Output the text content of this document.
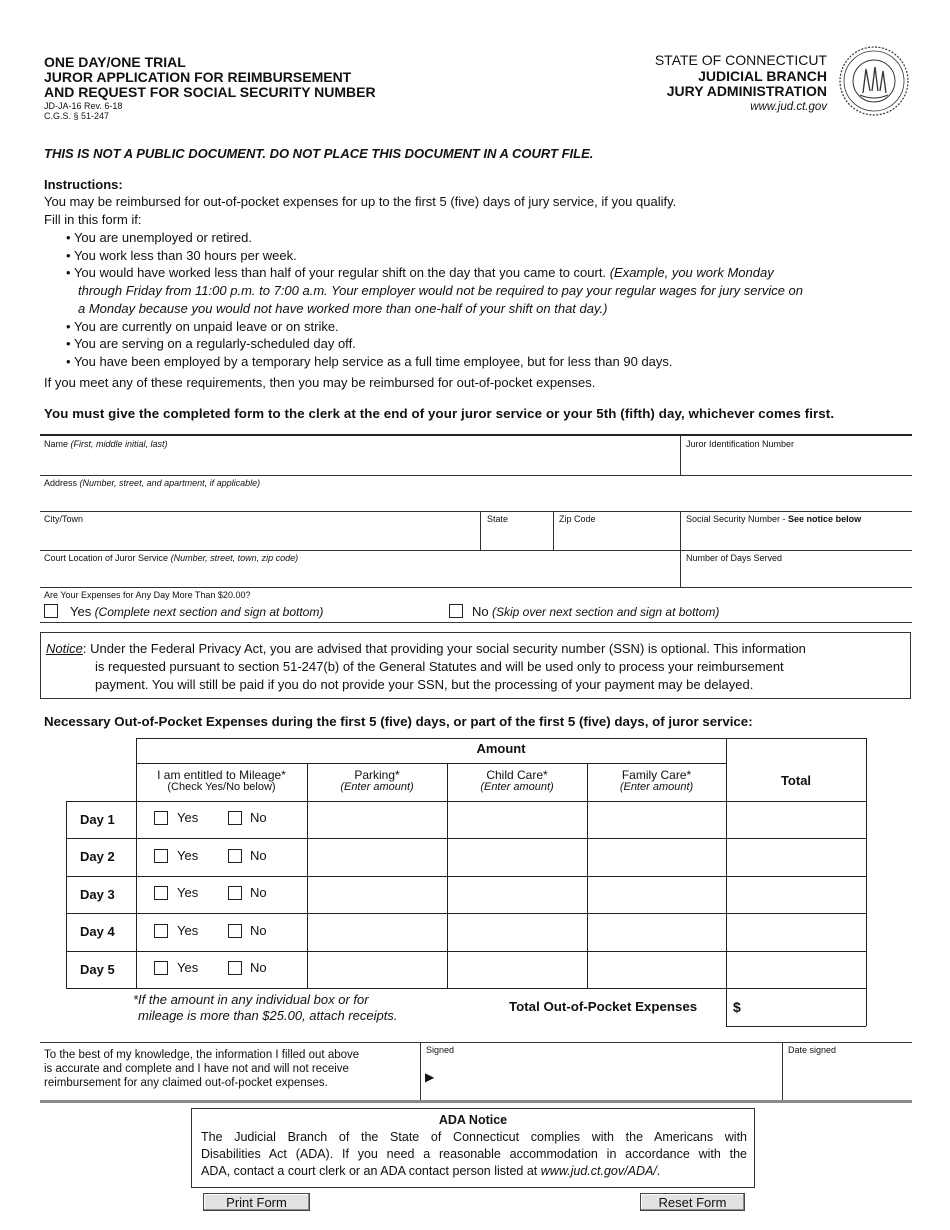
ONE DAY/ONE TRIAL
JUROR APPLICATION FOR REIMBURSEMENT
AND REQUEST FOR SOCIAL SECURITY NUMBER
JD-JA-16 Rev. 6-18
C.G.S. § 51-247
STATE OF CONNECTICUT
JUDICIAL BRANCH
JURY ADMINISTRATION
www.jud.ct.gov
THIS IS NOT A PUBLIC DOCUMENT. DO NOT PLACE THIS DOCUMENT IN A COURT FILE.
Instructions:
You may be reimbursed for out-of-pocket expenses for up to the first 5 (five) days of jury service, if you qualify.
Fill in this form if:
• You are unemployed or retired.
• You work less than 30 hours per week.
• You would have worked less than half of your regular shift on the day that you came to court. (Example, you work Monday
through Friday from 11:00 p.m. to 7:00 a.m. Your employer would not be required to pay your regular wages for jury service on
a Monday because you would not have worked more than one-half of your shift on that day.)
• You are currently on unpaid leave or on strike.
• You are serving on a regularly-scheduled day off.
• You have been employed by a temporary help service as a full time employee, but for less than 90 days.
If you meet any of these requirements, then you may be reimbursed for out-of-pocket expenses.
You must give the completed form to the clerk at the end of your juror service or your 5th (fifth) day, whichever comes first.
Name (First, middle initial, last)	Juror Identification Number
Address (Number, street, and apartment, if applicable)
City/Town	State	Zip Code	Social Security Number - See notice below
Court Location of Juror Service (Number, street, town, zip code)	Number of Days Served
Are Your Expenses for Any Day More Than $20.00?
Yes (Complete next section and sign at bottom)	No (Skip over next section and sign at bottom)
Notice: Under the Federal Privacy Act, you are advised that providing your social security number (SSN) is optional. This information
is requested pursuant to section 51-247(b) of the General Statutes and will be used only to process your reimbursement
payment. You will still be paid if you do not provide your SSN, but the processing of your payment may be delayed.
Necessary Out-of-Pocket Expenses during the first 5 (five) days, or part of the first 5 (five) days, of juror service:
Amount
I am entitled to Mileage*
(Check Yes/No below)
Parking*
(Enter amount)
Child Care*
(Enter amount)
Family Care*
(Enter amount)	Total
Day 1	Yes	No
Day 2	Yes	No
Day 3	Yes	No
Day 4	Yes	No
Day 5	Yes	No
*If the amount in any individual box or for
mileage is more than $25.00, attach receipts.
Total Out-of-Pocket Expenses	$
To the best of my knowledge, the information I filled out above
is accurate and complete and I have not and will not receive
reimbursement for any claimed out-of-pocket expenses.
Signed
▶
Date signed
ADA Notice
The Judicial Branch of the State of Connecticut complies with the Americans with
Disabilities Act (ADA). If you need a reasonable accommodation in accordance with the
ADA, contact a court clerk or an ADA contact person listed at www.jud.ct.gov/ADA/.
Print Form	Reset Form
